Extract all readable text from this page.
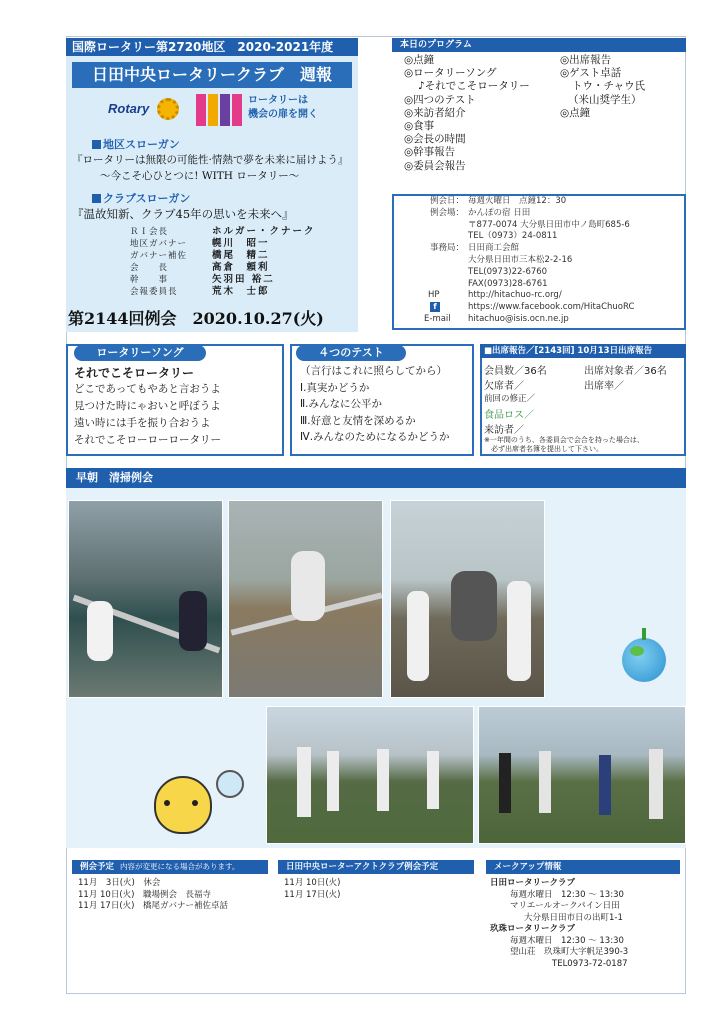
国際ロータリー第2720地区　2020-2021年度
日田中央ロータリークラブ　週報
Rotary
ロータリーは
機会の扉を開く
地区スローガン
『ロータリーは無限の可能性·情熱で夢を未来に届けよう』
～今こそ心ひとつに! WITH ロータリー～
クラブスローガン
『温故知新、クラブ45年の思いを未来へ』
ＲＩ会長	ホルガー・クナーク
地区ガバナー	幌川　昭一
ガバナー補佐	橋尾　精二
会　　長	高倉　頼利
幹　　事	矢羽田 裕二
会報委員長	荒木　士郎
第2144回例会　2020.10.27(火)
本日のプログラム
◎点鐘
◎ロータリーソング
♪それでこそロータリー
◎四つのテスト
◎来訪者紹介
◎食事
◎会長の時間
◎幹事報告
◎委員会報告
◎出席報告
◎ゲスト卓話
トウ・チャウ氏
（米山奨学生）
◎点鐘
例会日： 毎週火曜日　点鐘12：30
例会場： かんぽの宿 日田
〒877-0074 大分県日田市中ノ島町685-6
TEL（0973）24-0811
事務局： 日田商工会館
大分県日田市三本松2-2-16
TEL(0973)22-6760
FAX(0973)28-6761
HP	http://hitachuo-rc.org/
f	https://www.facebook.com/HitaChuoRC
E-mail	hitachuo@isis.ocn.ne.jp
ロータリーソング
それでこそロータリー
どこであってもやあと言おうよ
見つけた時にゃおいと呼ぼうよ
遠い時には手を振り合おうよ
それでこそローローロータリー
４つのテスト
（言行はこれに照らしてから）
Ⅰ.真実かどうか
Ⅱ.みんなに公平か
Ⅲ.好意と友情を深めるか
Ⅳ.みんなのためになるかどうか
■出席報告／[2143回] 10月13日出席報告
会員数／36名	出席対象者／36名
欠席者／	出席率／
前回の修正／
食品ロス／
来訪者／
※一年間のうち、各委員会で会合を持った場合は、
　必ず出席者名簿を提出して下さい。
早朝　清掃例会
例会予定 内容が変更になる場合があります。
11月　3日(火)　休会
11月 10日(火)　職場例会　長福寺
11月 17日(火)　橋尾ガバナー補佐卓話
日田中央ローターアクトクラブ例会予定
11月 10日(火)
11月 17日(火)
メークアップ情報
日田ロータリークラブ
毎週水曜日　12:30 ～ 13:30
マリエールオークパイン日田
大分県日田市日の出町1-1
玖珠ロータリークラブ
毎週木曜日　12:30 ～ 13:30
望山荘　玖珠町大字帆足390-3
TEL0973-72-0187
